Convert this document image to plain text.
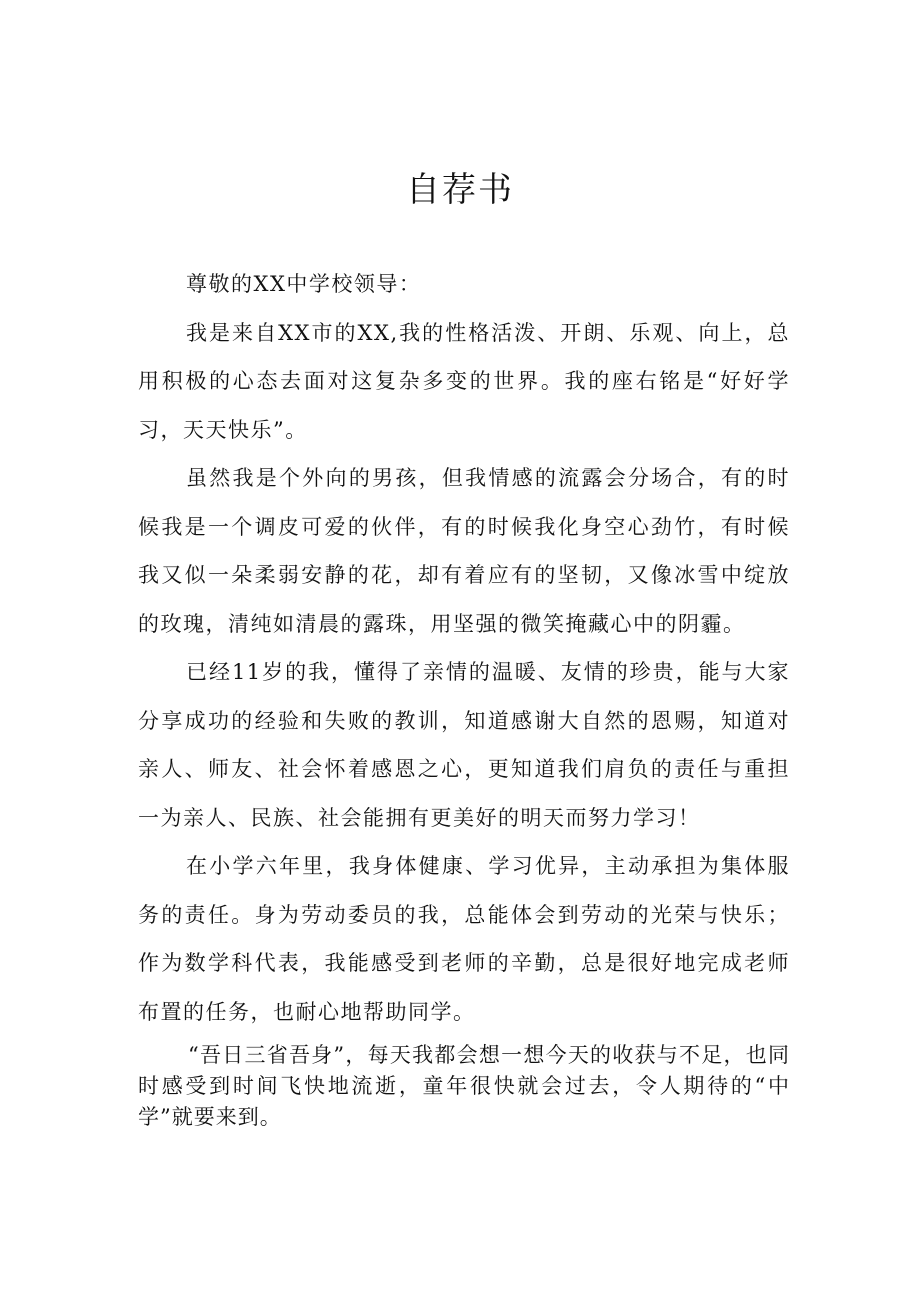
自荐书

尊敬的XX中学校领导：

我是来自XX市的XX,我的性格活泼、开朗、乐观、向上，总用积极的心态去面对这复杂多变的世界。我的座右铭是“好好学习，天天快乐”。

虽然我是个外向的男孩，但我情感的流露会分场合，有的时候我是一个调皮可爱的伙伴，有的时候我化身空心劲竹，有时候我又似一朵柔弱安静的花，却有着应有的坚韧，又像冰雪中绽放的玫瑰，清纯如清晨的露珠，用坚强的微笑掩藏心中的阴霾。

已经11岁的我，懂得了亲情的温暖、友情的珍贵，能与大家分享成功的经验和失败的教训，知道感谢大自然的恩赐，知道对亲人、师友、社会怀着感恩之心，更知道我们肩负的责任与重担一为亲人、民族、社会能拥有更美好的明天而努力学习！

在小学六年里，我身体健康、学习优异，主动承担为集体服务的责任。身为劳动委员的我，总能体会到劳动的光荣与快乐；作为数学科代表，我能感受到老师的辛勤，总是很好地完成老师布置的任务，也耐心地帮助同学。

“吾日三省吾身”，每天我都会想一想今天的收获与不足，也同时感受到时间飞快地流逝，童年很快就会过去，令人期待的“中学”就要来到。
